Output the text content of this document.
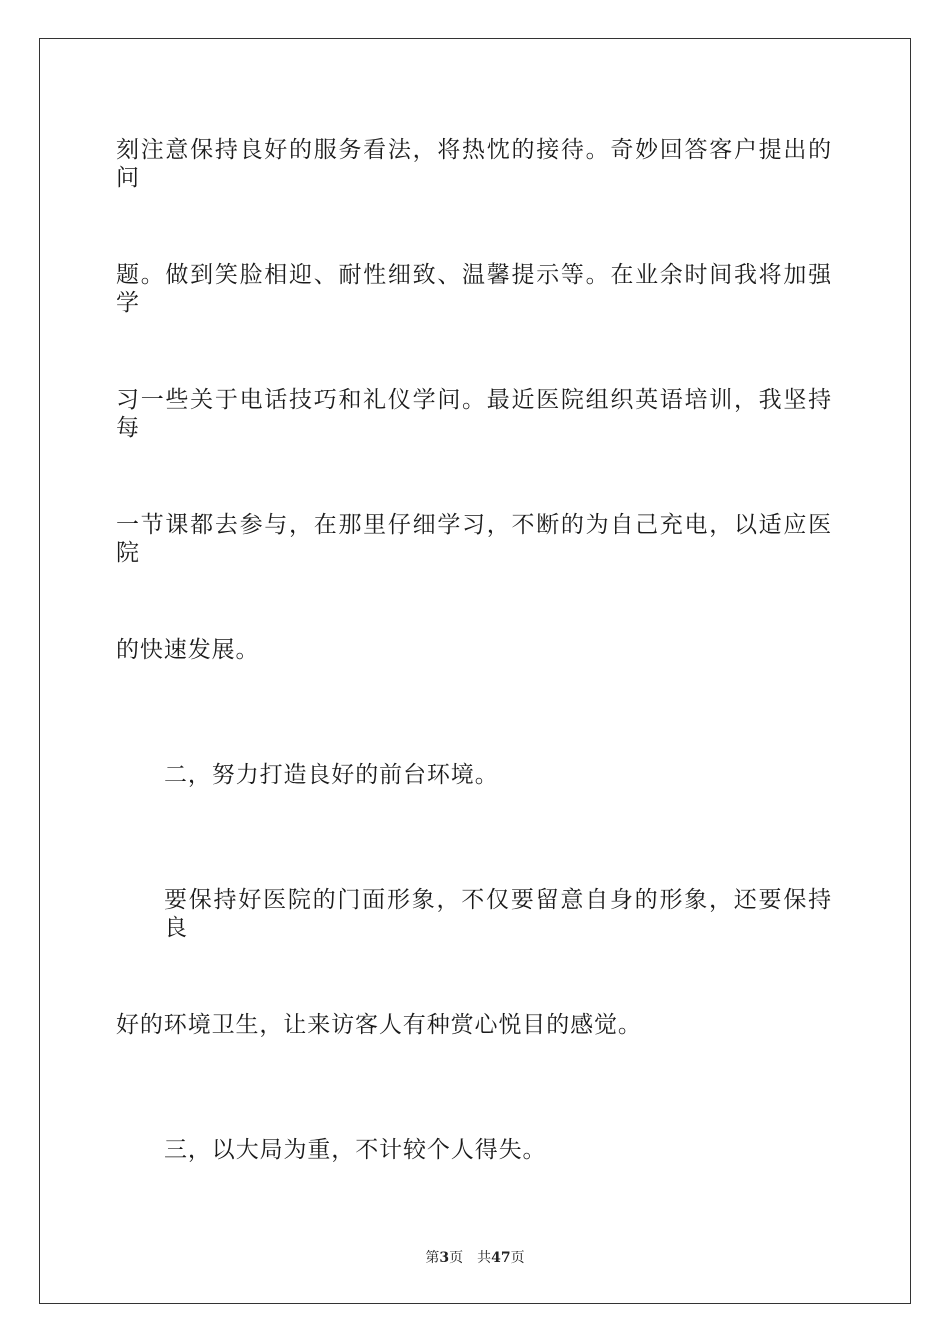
刻注意保持良好的服务看法，将热忱的接待。奇妙回答客户提出的问
题。做到笑脸相迎、耐性细致、温馨提示等。在业余时间我将加强学
习一些关于电话技巧和礼仪学问。最近医院组织英语培训，我坚持每
一节课都去参与，在那里仔细学习，不断的为自己充电，以适应医院
的快速发展。
二，努力打造良好的前台环境。
要保持好医院的门面形象，不仅要留意自身的形象，还要保持良
好的环境卫生，让来访客人有种赏心悦目的感觉。
三，以大局为重，不计较个人得失。
第3页 共47页
